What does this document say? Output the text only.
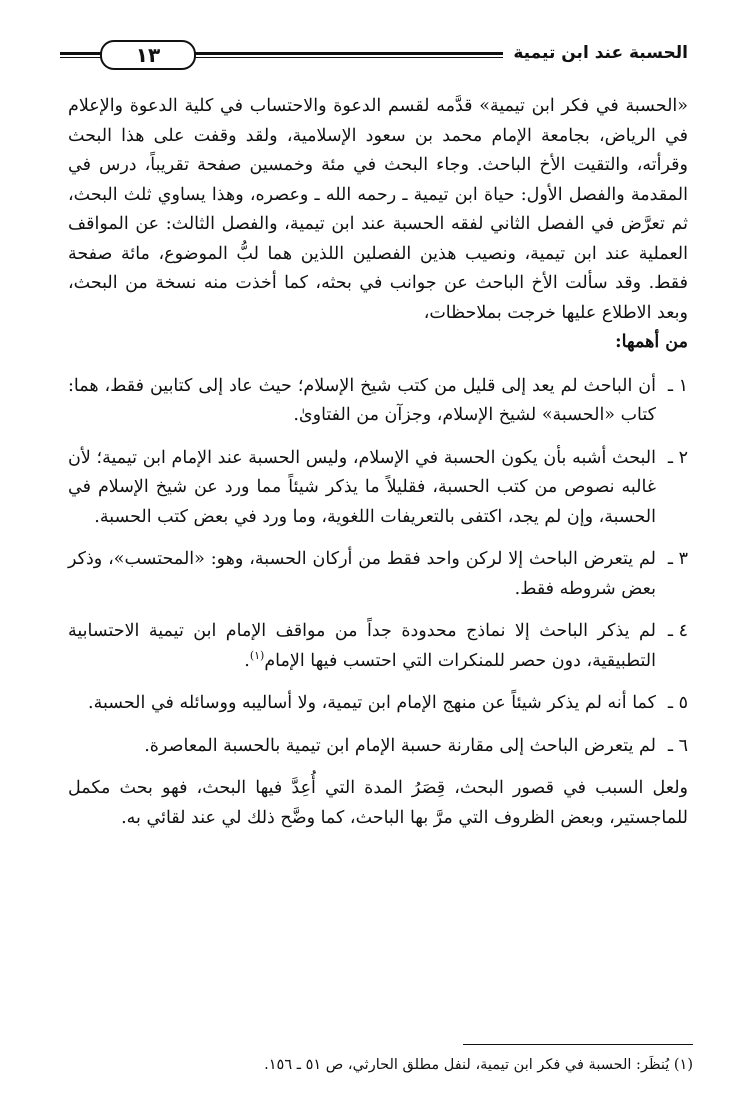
الحسبة عند ابن تيمية
١٣

«الحسبة في فكر ابن تيمية» قدَّمه لقسم الدعوة والاحتساب في كلية الدعوة والإعلام في الرياض، بجامعة الإمام محمد بن سعود الإسلامية، ولقد وقفت على هذا البحث وقرأته، والتقيت الأخ الباحث. وجاء البحث في مئة وخمسين صفحة تقريباً، درس في المقدمة والفصل الأول: حياة ابن تيمية ـ رحمه الله ـ وعصره، وهذا يساوي ثلث البحث، ثم تعرَّض في الفصل الثاني لفقه الحسبة عند ابن تيمية، والفصل الثالث: عن المواقف العملية عند ابن تيمية، ونصيب هذين الفصلين اللذين هما لبُّ الموضوع، مائة صفحة فقط. وقد سألت الأخ الباحث عن جوانب في بحثه، كما أخذت منه نسخة من البحث، وبعد الاطلاع عليها خرجت بملاحظات،

من أهمها:

١ ـ
أن الباحث لم يعد إلى قليل من كتب شيخ الإسلام؛ حيث عاد إلى كتابين فقط، هما: كتاب «الحسبة» لشيخ الإسلام، وجزآن من الفتاوىٰ.
٢ ـ
البحث أشبه بأن يكون الحسبة في الإسلام، وليس الحسبة عند الإمام ابن تيمية؛ لأن غالبه نصوص من كتب الحسبة، فقليلاً ما يذكر شيئاً مما ورد عن شيخ الإسلام في الحسبة، وإن لم يجد، اكتفى بالتعريفات اللغوية، وما ورد في بعض كتب الحسبة.
٣ ـ
لم يتعرض الباحث إلا لركن واحد فقط من أركان الحسبة، وهو: «المحتسب»، وذكر بعض شروطه فقط.
٤ ـ
لم يذكر الباحث إلا نماذج محدودة جداً من مواقف الإمام ابن تيمية الاحتسابية التطبيقية، دون حصر للمنكرات التي احتسب فيها الإمام$^{(١)}$.
٥ ـ
كما أنه لم يذكر شيئاً عن منهج الإمام ابن تيمية، ولا أساليبه ووسائله في الحسبة.
٦ ـ
لم يتعرض الباحث إلى مقارنة حسبة الإمام ابن تيمية بالحسبة المعاصرة.

ولعل السبب في قصور البحث، قِصَرُ المدة التي أُعِدَّ فيها البحث، فهو بحث مكمل للماجستير، وبعض الظروف التي مرَّ بها الباحث، كما وضَّح ذلك لي عند لقائي به.

(١) يُنظَر: الحسبة في فكر ابن تيمية، لنفل مطلق الحارثي، ص ٥١ ـ ١٥٦.
